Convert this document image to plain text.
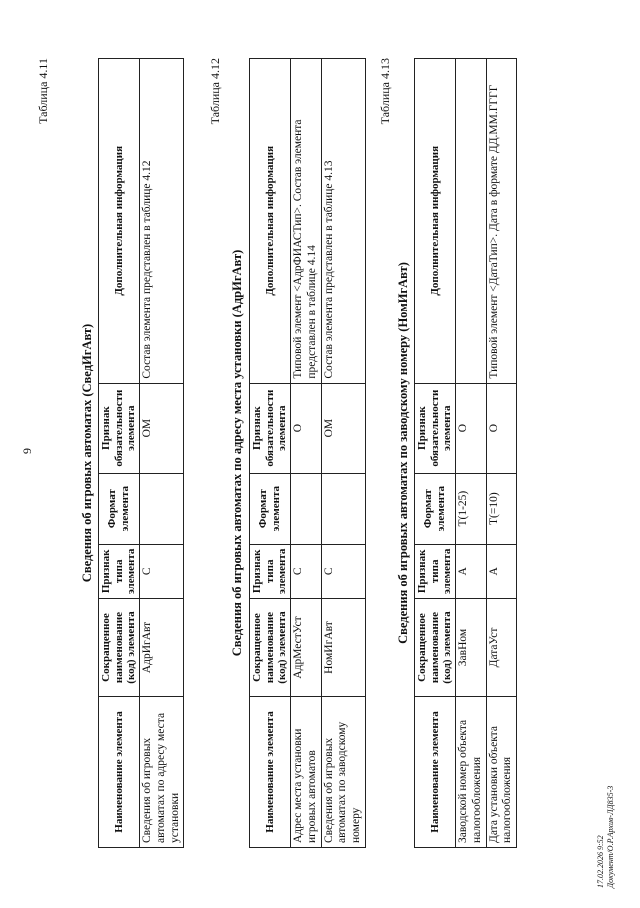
9
Таблица 4.11
Сведения об игровых автоматах (СведИгАвт)
Наименование элемента	Сокращенное наименование (код) элемента	Признак типа элемента	Формат элемента	Признак обязательности элемента	Дополнительная информация
Сведения об игровых автоматах по адресу места установки	АдрИгАвт	С		ОМ	Состав элемента представлен в таблице 4.12
Таблица 4.12
Сведения об игровых автоматах по адресу места установки (АдрИгАвт)
Наименование элемента	Сокращенное наименование (код) элемента	Признак типа элемента	Формат элемента	Признак обязательности элемента	Дополнительная информация
Адрес места установки игровых автоматов	АдрМестУст	С		О	Типовой элемент <АдрФИАСТип>. Состав элемента представлен в таблице 4.14
Сведения об игровых автоматах по заводскому номеру	НомИгАвт	С		ОМ	Состав элемента представлен в таблице 4.13
Таблица 4.13
Сведения об игровых автоматах по заводскому номеру (НомИгАвт)
Наименование элемента	Сокращенное наименование (код) элемента	Признак типа элемента	Формат элемента	Признак обязательности элемента	Дополнительная информация
Заводской номер объекта налогообложения	ЗавНом	А	Т(1-25)	О	
Дата установки объекта налогообложения	ДатаУст	А	Т(=10)	О	Типовой элемент <ДатаТип>. Дата в формате ДД.ММ.ГГГГ
17.02.2026 9:52 Документ/О.Р.Архив-ЛД835-3
